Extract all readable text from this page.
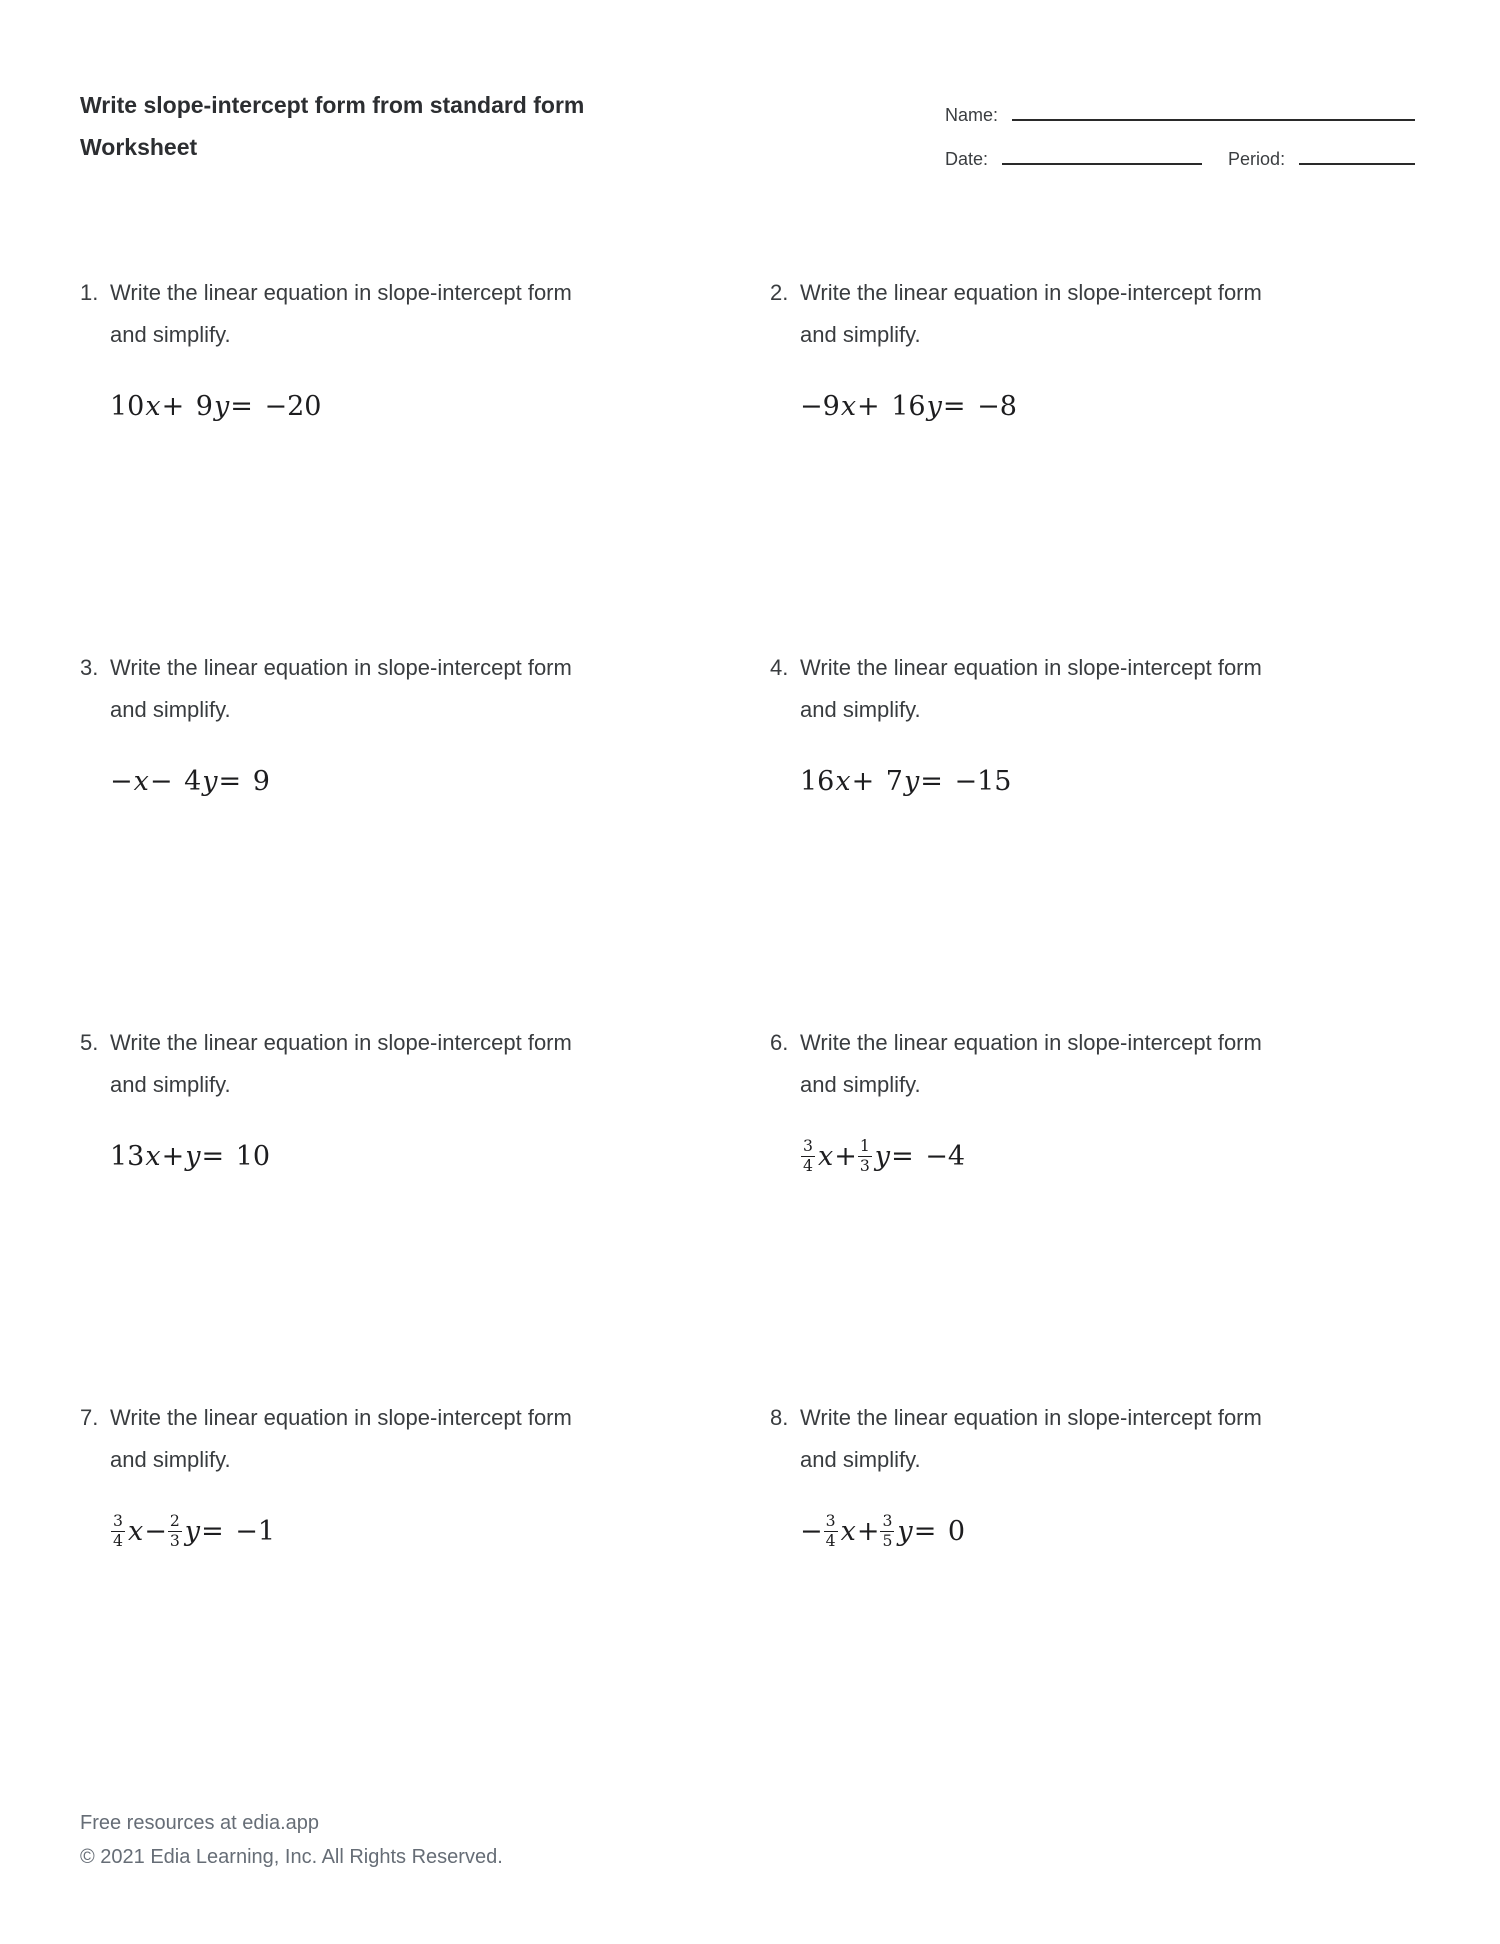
Write slope-intercept form from standard form
Worksheet
Name:
Date:	Period:
1. Write the linear equation in slope-intercept form
and simplify.
10 x + 9 y = −20
2. Write the linear equation in slope-intercept form
and simplify.
−9 x + 16 y = −8
3. Write the linear equation in slope-intercept form
and simplify.
− x − 4 y = 9
4. Write the linear equation in slope-intercept form
and simplify.
16 x + 7 y = −15
5. Write the linear equation in slope-intercept form
and simplify.
13 x + y = 10
6. Write the linear equation in slope-intercept form
and simplify.
$\frac{3}{4}$ $x + \frac{1}{3}$ y = −4
7. Write the linear equation in slope-intercept form
and simplify.
$\frac{3}{4}$ $x - \frac{2}{3}$ y = −1
8. Write the linear equation in slope-intercept form
and simplify.
− $\frac{3}{4}$ $x + \frac{3}{5}$ y = 0
Free resources at edia.app
© 2021 Edia Learning, Inc. All Rights Reserved.
